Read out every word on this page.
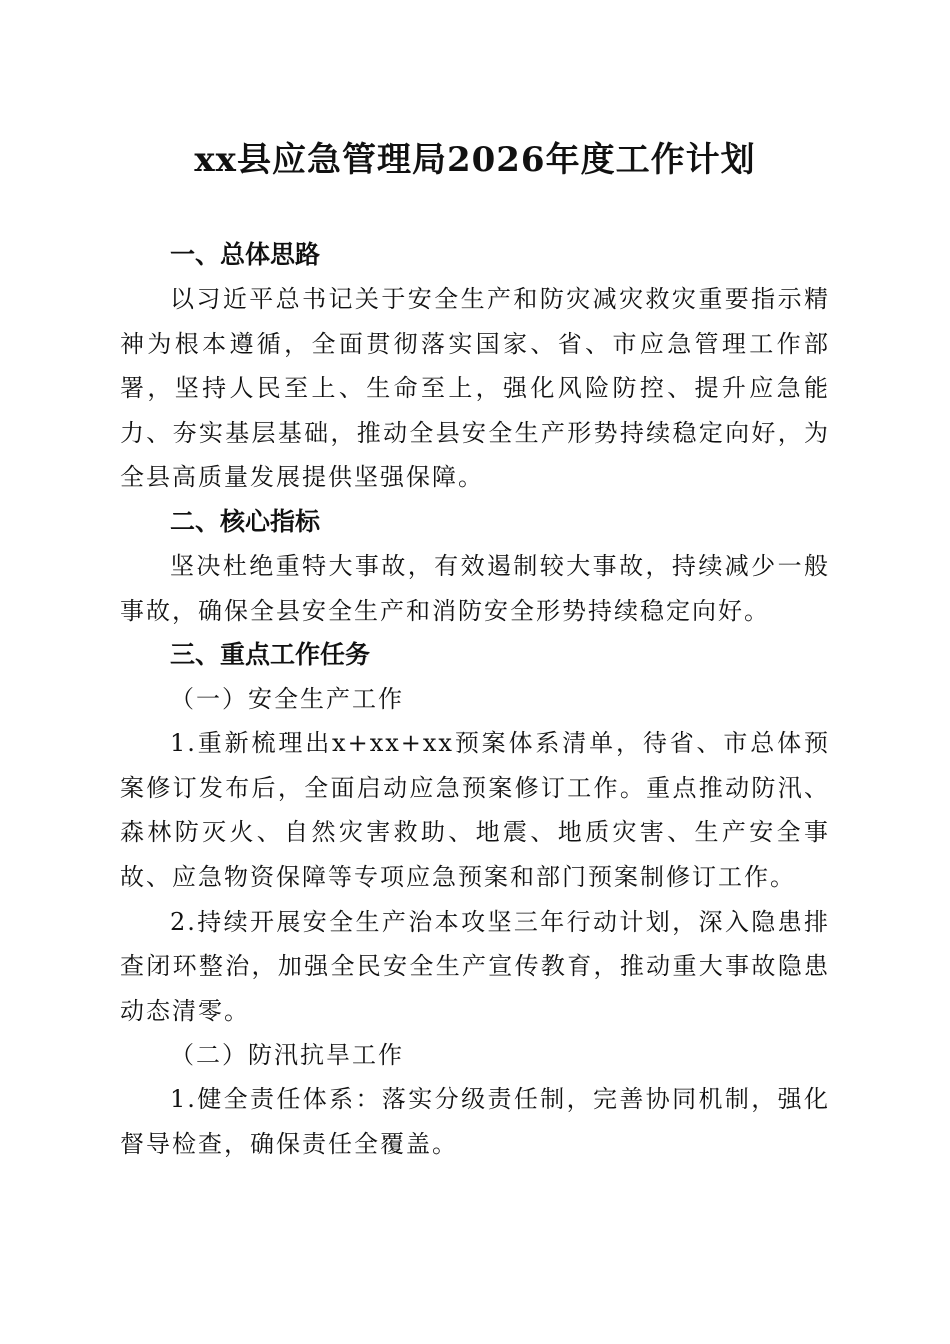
xx县应急管理局2026年度工作计划

一、总体思路

以习近平总书记关于安全生产和防灾减灾救灾重要指示精神为根本遵循，全面贯彻落实国家、省、市应急管理工作部署，坚持人民至上、生命至上，强化风险防控、提升应急能力、夯实基层基础，推动全县安全生产形势持续稳定向好，为全县高质量发展提供坚强保障。

二、核心指标

坚决杜绝重特大事故，有效遏制较大事故，持续减少一般事故，确保全县安全生产和消防安全形势持续稳定向好。

三、重点工作任务

（一）安全生产工作

1.重新梳理出x+xx+xx预案体系清单，待省、市总体预案修订发布后，全面启动应急预案修订工作。重点推动防汛、森林防灭火、自然灾害救助、地震、地质灾害、生产安全事故、应急物资保障等专项应急预案和部门预案制修订工作。

2.持续开展安全生产治本攻坚三年行动计划，深入隐患排查闭环整治，加强全民安全生产宣传教育，推动重大事故隐患动态清零。

（二）防汛抗旱工作

1.健全责任体系：落实分级责任制，完善协同机制，强化督导检查，确保责任全覆盖。
